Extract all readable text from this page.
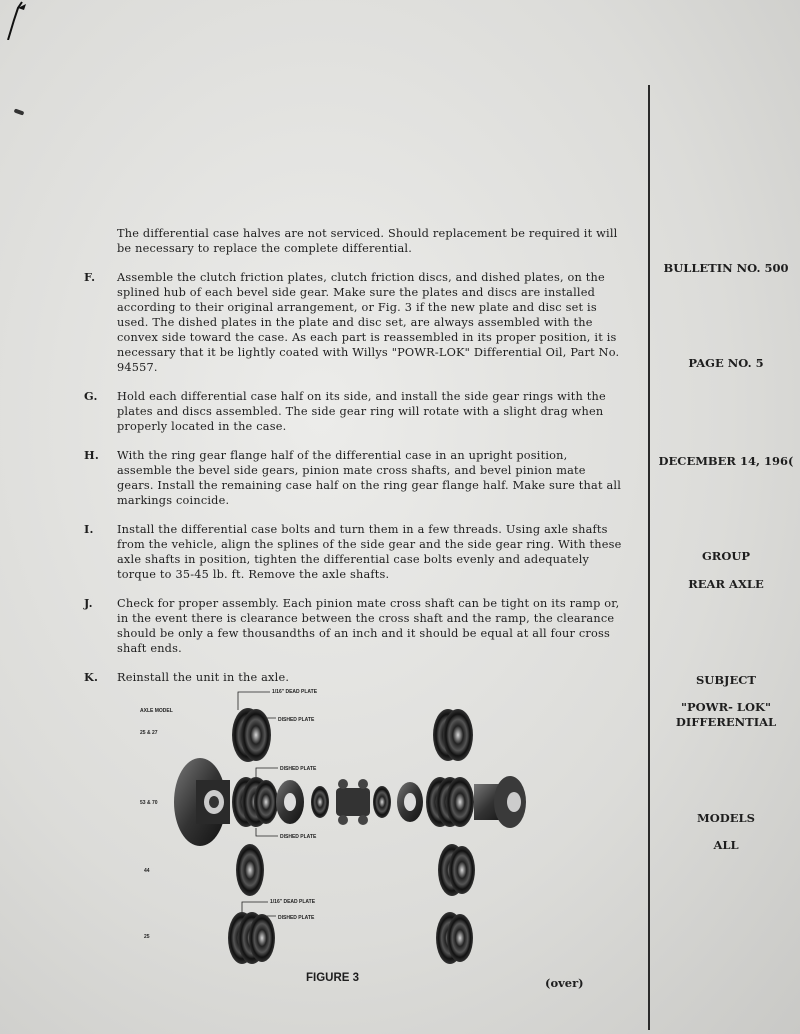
The differential case halves are not serviced. Should replacement be required it will be necessary to replace the complete differential.

F.	Assemble the clutch friction plates, clutch friction discs, and dished plates, on the splined hub of each bevel side gear. Make sure the plates and discs are installed according to their original arrangement, or Fig. 3 if the new plate and disc set is used. The dished plates in the plate and disc set, are always assembled with the convex side toward the case. As each part is reassembled in its proper position, it is necessary that it be lightly coated with Willys "POWR-LOK" Differential Oil, Part No. 94557.
G.	Hold each differential case half on its side, and install the side gear rings with the plates and discs assembled. The side gear ring will rotate with a slight drag when properly located in the case.
H.	With the ring gear flange half of the differential case in an upright position, assemble the bevel side gears, pinion mate cross shafts, and bevel pinion mate gears. Install the remaining case half on the ring gear flange half. Make sure that all markings coincide.
I.	Install the differential case bolts and turn them in a few threads. Using axle shafts from the vehicle, align the splines of the side gear and the side gear ring. With these axle shafts in position, tighten the differential case bolts evenly and adequately torque to 35-45 lb. ft. Remove the axle shafts.
J.	Check for proper assembly. Each pinion mate cross shaft can be tight on its ramp or, in the event there is clearance between the cross shaft and the ramp, the clearance should be only a few thousandths of an inch and it should be equal at all four cross shaft ends.
K.	Reinstall the unit in the axle.
BULLETIN NO. 500
PAGE NO. 5
DECEMBER 14, 196(
GROUP
REAR AXLE
SUBJECT
"POWR- LOK"
DIFFERENTIAL
MODELS
ALL
AXLE MODEL
25 & 27
53 & 70
44
25
1/16" DEAD PLATE
DISHED PLATE
DISHED PLATE
DISHED PLATE
1/16" DEAD PLATE
DISHED PLATE
FIGURE 3	(over)
